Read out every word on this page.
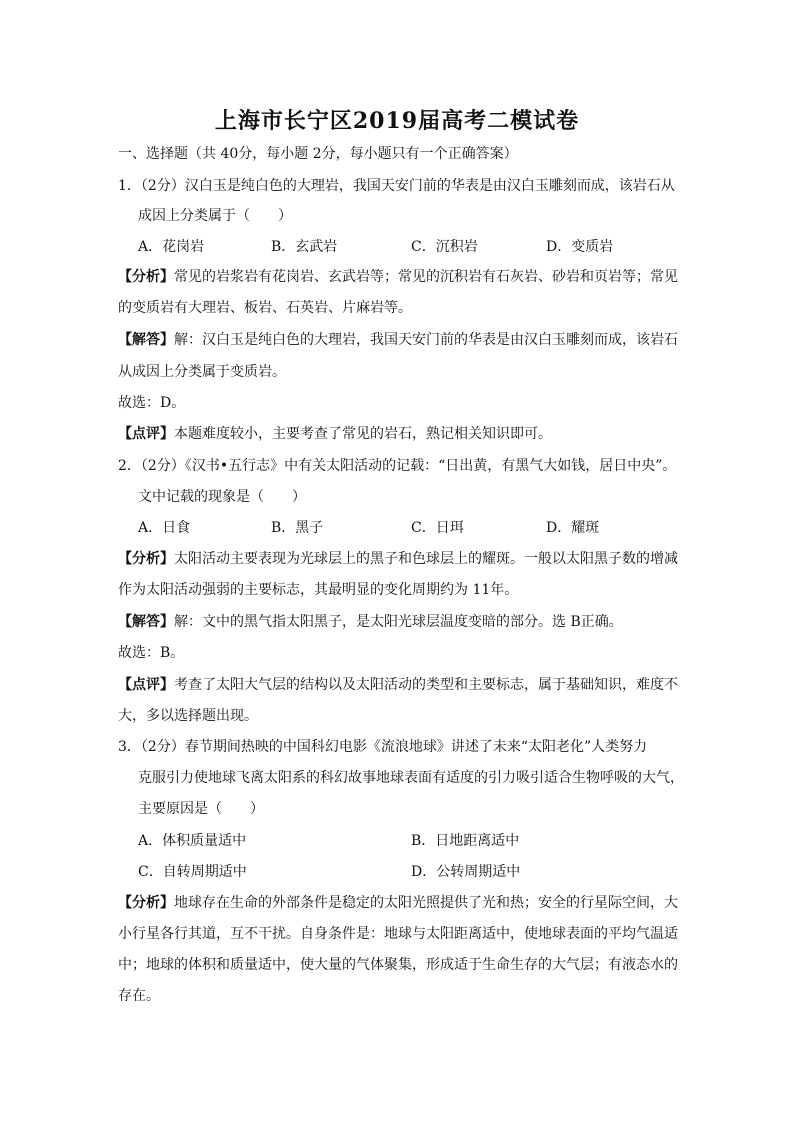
上海市长宁区2019届高考二模试卷
一、选择题（共 40分，每小题 2分，每小题只有一个正确答案）
1．（2分）汉白玉是纯白色的大理岩，我国天安门前的华表是由汉白玉雕刻而成，该岩石从
成因上分类属于（　　）
A．花岗岩	B．玄武岩	C．沉积岩	D．变质岩
【分析】常见的岩浆岩有花岗岩、玄武岩等；常见的沉积岩有石灰岩、砂岩和页岩等；常见
的变质岩有大理岩、板岩、石英岩、片麻岩等。
【解答】解：汉白玉是纯白色的大理岩，我国天安门前的华表是由汉白玉雕刻而成，该岩石
从成因上分类属于变质岩。
故选：D。
【点评】本题难度较小，主要考查了常见的岩石，熟记相关知识即可。
2．（2分）《汉书•五行志》中有关太阳活动的记载：“日出黄，有黑气大如钱，居日中央”。
文中记载的现象是（　　）
A．日食	B．黑子	C．日珥	D．耀斑
【分析】太阳活动主要表现为光球层上的黑子和色球层上的耀斑。一般以太阳黑子数的增减
作为太阳活动强弱的主要标志，其最明显的变化周期约为 11年。
【解答】解：文中的黑气指太阳黑子，是太阳光球层温度变暗的部分。选 B正确。
故选：B。
【点评】考查了太阳大气层的结构以及太阳活动的类型和主要标志，属于基础知识，难度不
大，多以选择题出现。
3．（2分）春节期间热映的中国科幻电影《流浪地球》讲述了未来“太阳老化”人类努力
克服引力使地球飞离太阳系的科幻故事地球表面有适度的引力吸引适合生物呼吸的大气，
主要原因是（　　）
A．体积质量适中	B．日地距离适中
C．自转周期适中	D．公转周期适中
【分析】地球存在生命的外部条件是稳定的太阳光照提供了光和热；安全的行星际空间，大
小行星各行其道，互不干扰。自身条件是：地球与太阳距离适中，使地球表面的平均气温适
中；地球的体积和质量适中，使大量的气体聚集，形成适于生命生存的大气层；有液态水的
存在。
